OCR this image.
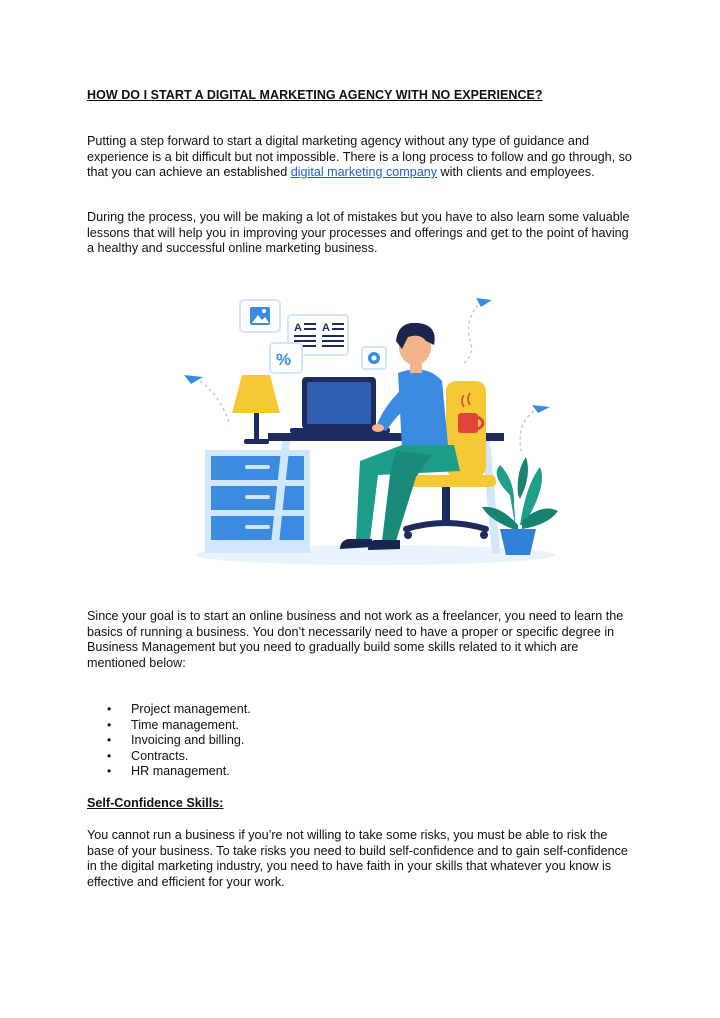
HOW DO I START A DIGITAL MARKETING AGENCY WITH NO EXPERIENCE?

Putting a step forward to start a digital marketing agency without any type of guidance and experience is a bit difficult but not impossible. There is a long process to follow and go through, so that you can achieve an established digital marketing company with clients and employees.

During the process, you will be making a lot of mistakes but you have to also learn some valuable lessons that will help you in improving your processes and offerings and get to the point of having a healthy and successful online marketing business.

A A
%

Since your goal is to start an online business and not work as a freelancer, you need to learn the basics of running a business. You don’t necessarily need to have a proper or specific degree in Business Management but you need to gradually build some skills related to it which are mentioned below:

• Project management.
• Time management.
• Invoicing and billing.
• Contracts.
• HR management.
Self-Confidence Skills:

You cannot run a business if you’re not willing to take some risks, you must be able to risk the base of your business. To take risks you need to build self-confidence and to gain self-confidence in the digital marketing industry, you need to have faith in your skills that whatever you know is effective and efficient for your work.
